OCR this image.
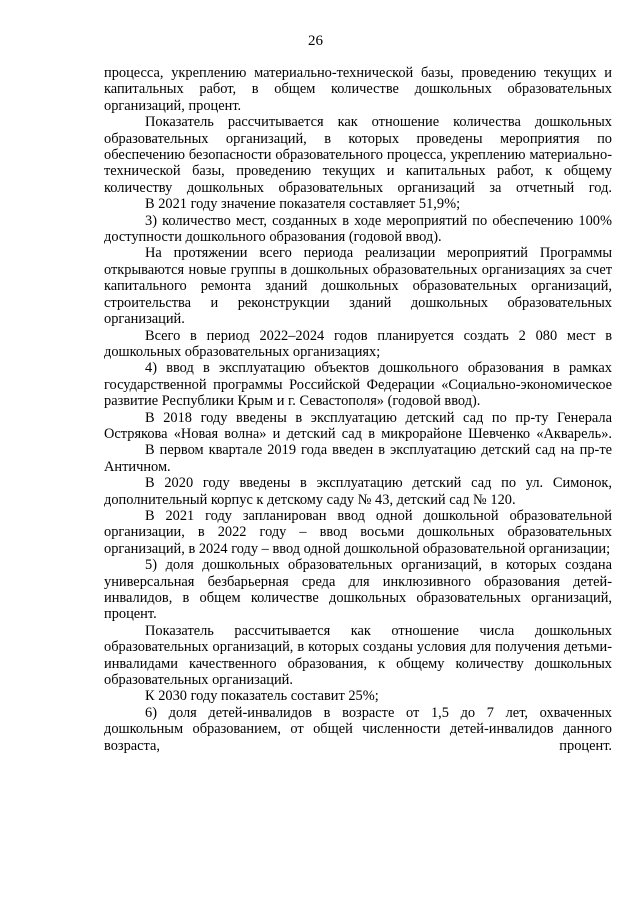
26

процесса, укреплению материально-технической базы, проведению текущих и капитальных работ, в общем количестве дошкольных образовательных организаций, процент.

Показатель рассчитывается как отношение количества дошкольных образовательных организаций, в которых проведены мероприятия по обеспечению безопасности образовательного процесса, укреплению материально-технической базы, проведению текущих и капитальных работ, к общему количеству дошкольных образовательных организаций за отчетный год.

В 2021 году значение показателя составляет 51,9%;

3) количество мест, созданных в ходе мероприятий по обеспечению 100% доступности дошкольного образования (годовой ввод).

На протяжении всего периода реализации мероприятий Программы открываются новые группы в дошкольных образовательных организациях за счет капитального ремонта зданий дошкольных образовательных организаций, строительства и реконструкции зданий дошкольных образовательных организаций.

Всего в период 2022–2024 годов планируется создать 2 080 мест в дошкольных образовательных организациях;

4) ввод в эксплуатацию объектов дошкольного образования в рамках государственной программы Российской Федерации «Социально-экономическое развитие Республики Крым и г. Севастополя» (годовой ввод).

В 2018 году введены в эксплуатацию детский сад по пр-ту Генерала Острякова «Новая волна» и детский сад в микрорайоне Шевченко «Акварель».

В первом квартале 2019 года введен в эксплуатацию детский сад на пр-те Античном.

В 2020 году введены в эксплуатацию детский сад по ул. Симонок, дополнительный корпус к детскому саду № 43, детский сад № 120.

В 2021 году запланирован ввод одной дошкольной образовательной организации, в 2022 году – ввод восьми дошкольных образовательных организаций, в 2024 году – ввод одной дошкольной образовательной организации;

5) доля дошкольных образовательных организаций, в которых создана универсальная безбарьерная среда для инклюзивного образования детей-инвалидов, в общем количестве дошкольных образовательных организаций, процент.

Показатель рассчитывается как отношение числа дошкольных образовательных организаций, в которых созданы условия для получения детьми-инвалидами качественного образования, к общему количеству дошкольных образовательных организаций.

К 2030 году показатель составит 25%;

6) доля детей-инвалидов в возрасте от 1,5 до 7 лет, охваченных дошкольным образованием, от общей численности детей-инвалидов данного возраста, процент.
